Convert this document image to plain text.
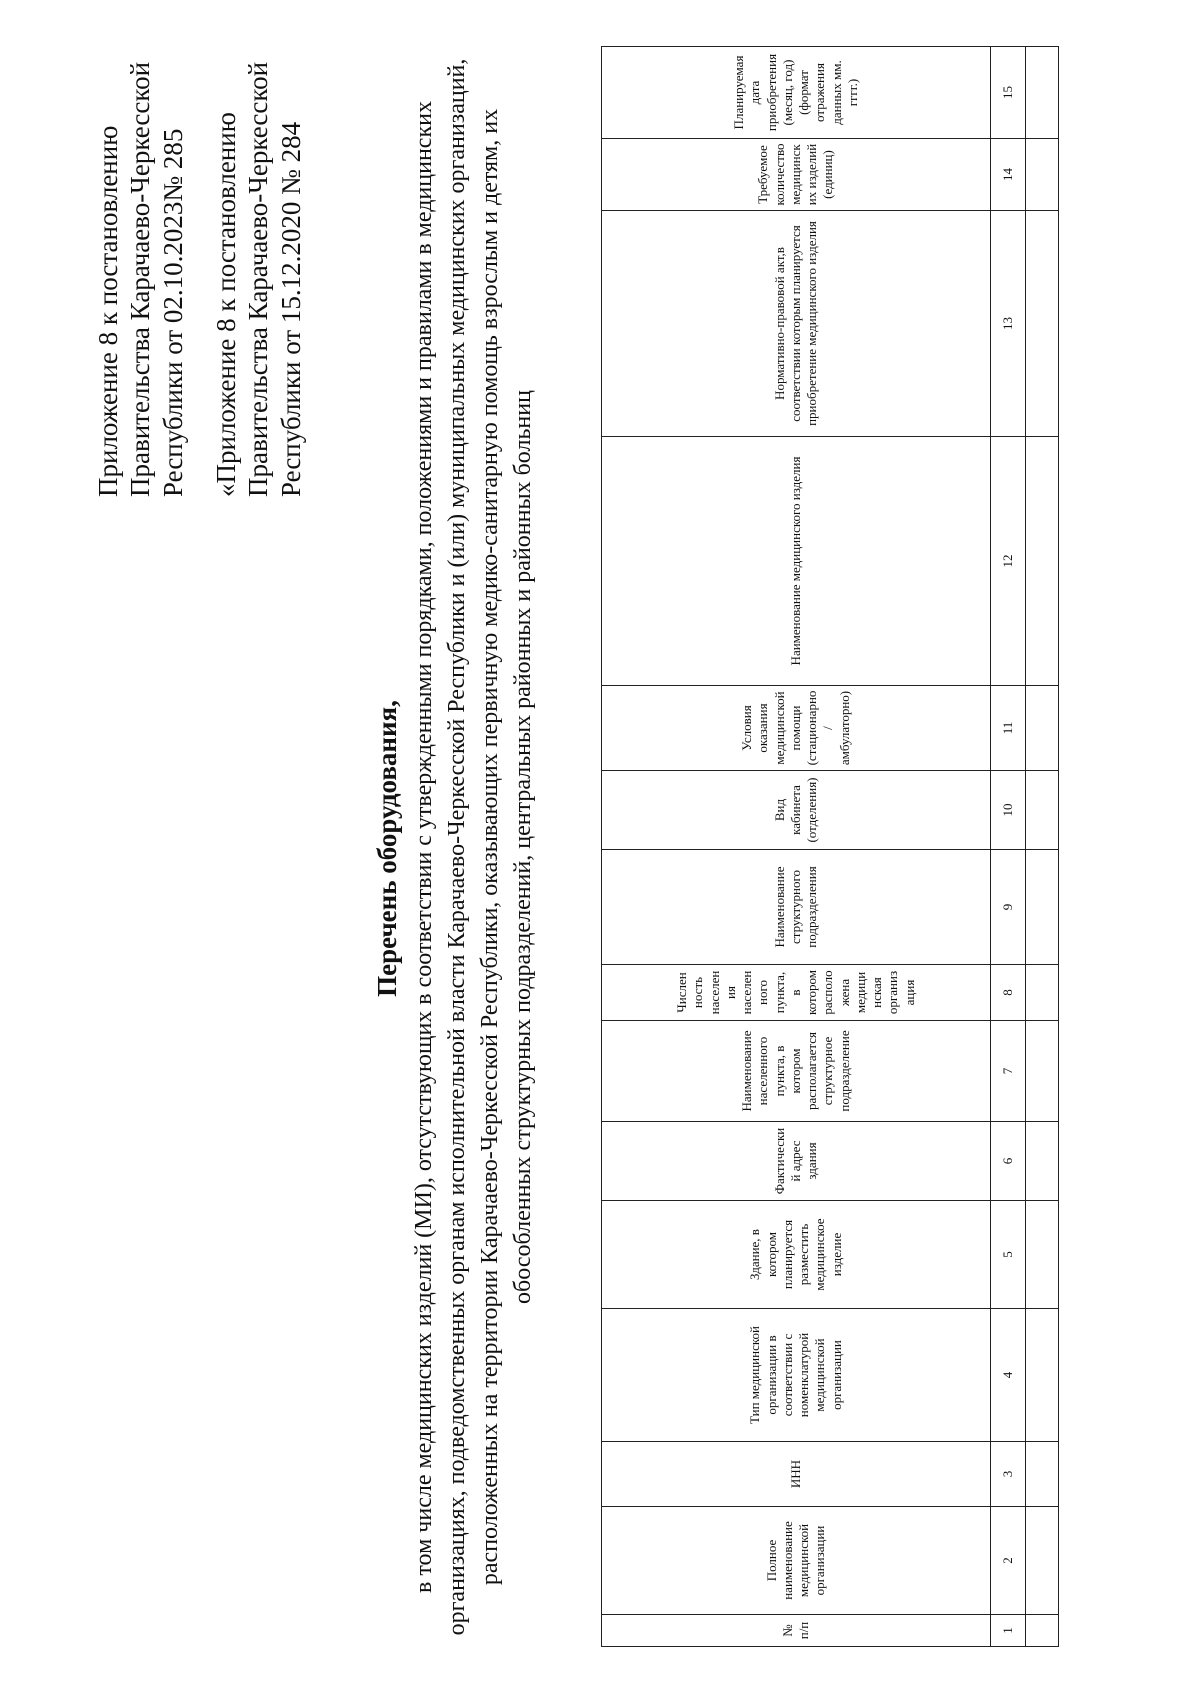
Приложение 8 к постановлению Правительства Карачаево-Черкесской Республики от 02.10.2023№ 285 «Приложение 8 к постановлению Правительства Карачаево-Черкесской Республики от 15.12.2020 № 284
Перечень оборудования, в том числе медицинских изделий (МИ), отсутствующих в соответствии с утвержденными порядками, положениями и правилами в медицинских организациях, подведомственных органам исполнительной власти Карачаево-Черкесской Республики и (или) муниципальных медицинских организаций, расположенных на территории Карачаево-Черкесской Республики, оказывающих первичную медико-санитарную помощь взрослым и детям, их обособленных структурных подразделений, центральных районных и районных больниц
№ п/п	Полное наименование медицинской организации	ИНН	Тип медицинской организации в соответствии с номенклатурой медицинской организации	Здание, в котором планируется разместить медицинское изделие	Фактический адрес здания	Наименование населенного пункта, в котором располагается структурное подразделение	Численность населения населенного пункта, в котором расположена медицинская организация	Наименование структурного подразделения	Вид кабинета (отделения)	Условия оказания медицинской помощи (стационарно/амбулаторно)	Наименование медицинского изделия	Нормативно-правовой акт,в соответствии которым планируется приобретение медицинского изделия	Требуемое количество медицинских изделий (единиц)	Планируемая дата приобретения (месяц, год) (формат отражения данных мм. гггг.)
1	2	3	4	5	6	7	8	9	10	11	12	13	14	15
